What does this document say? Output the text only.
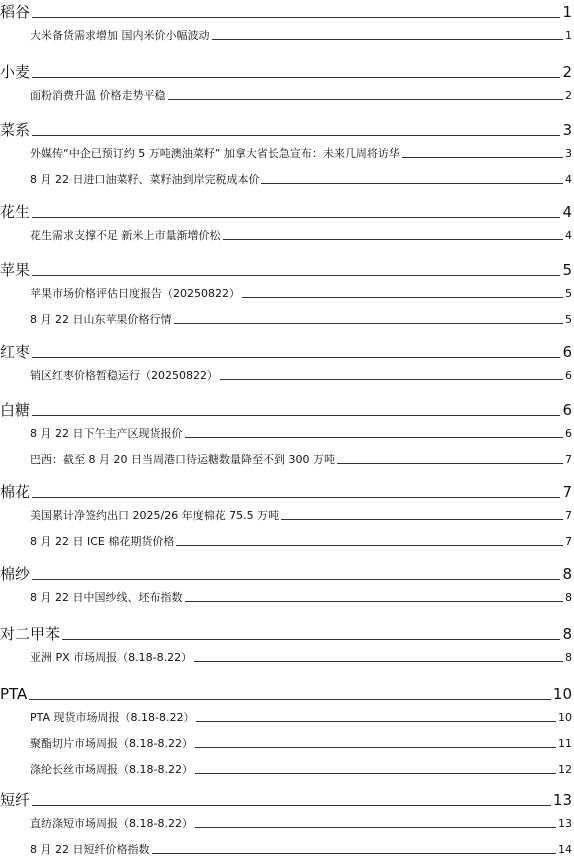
稻谷	1
大米备货需求增加 国内米价小幅波动	1
小麦	2
面粉消费升温 价格走势平稳	2
菜系	3
外媒传“中企已预订约 5 万吨澳油菜籽” 加拿大省长急宣布：未来几周将访华	3
8 月 22 日进口油菜籽、菜籽油到岸完税成本价	4
花生	4
花生需求支撑不足 新米上市量渐增价松	4
苹果	5
苹果市场价格评估日度报告（20250822）	5
8 月 22 日山东苹果价格行情	5
红枣	6
销区红枣价格暂稳运行（20250822）	6
白糖	6
8 月 22 日下午主产区现货报价	6
巴西：截至 8 月 20 日当周港口待运糖数量降至不到 300 万吨	7
棉花	7
美国累计净签约出口 2025/26 年度棉花 75.5 万吨	7
8 月 22 日 ICE 棉花期货价格	7
棉纱	8
8 月 22 日中国纱线、坯布指数	8
对二甲苯	8
亚洲 PX 市场周报（8.18-8.22）	8
PTA	10
PTA 现货市场周报（8.18-8.22）	10
聚酯切片市场周报（8.18-8.22）	11
涤纶长丝市场周报（8.18-8.22）	12
短纤	13
直纺涤短市场周报（8.18-8.22）	13
8 月 22 日短纤价格指数	14
